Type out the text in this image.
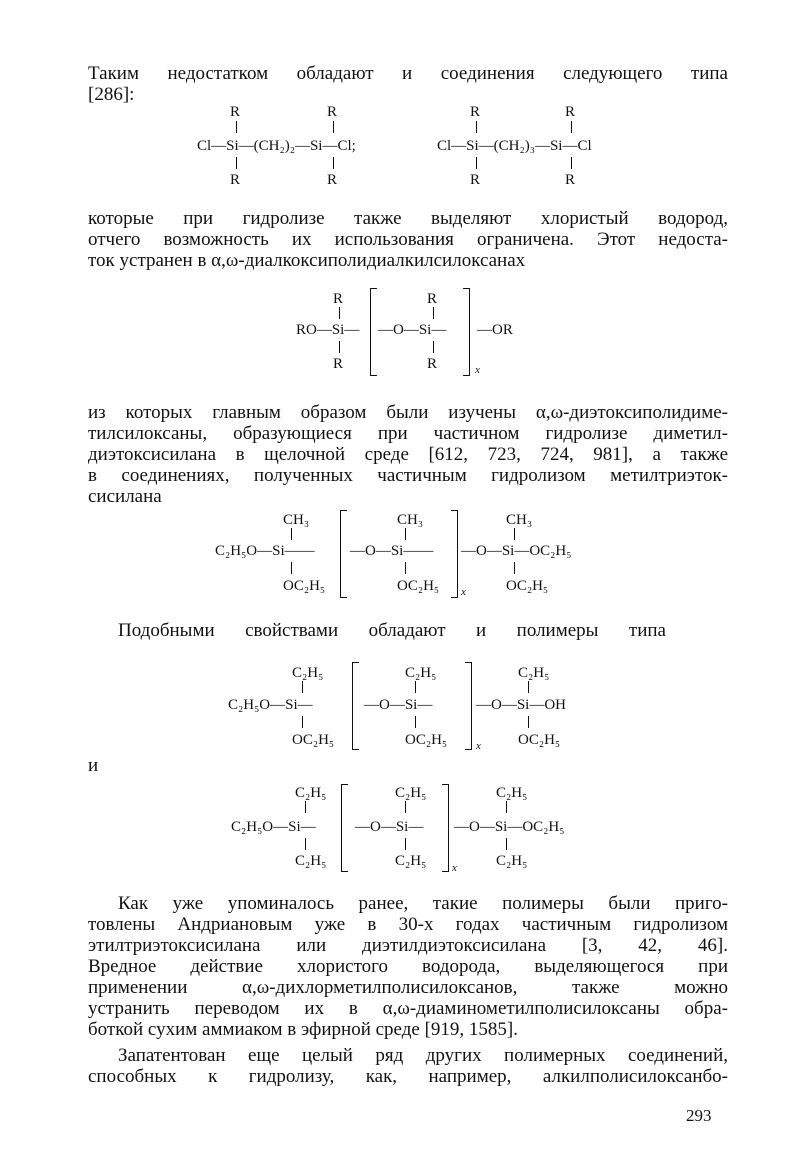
Таким недостатком обладают и соединения следующего типа

[286]:

R	R
Cl—Si—(CH₂)₂—Si—Cl;
R	R
R	R
Cl—Si—(CH₂)₃—Si—Cl
R	R

которые при гидролизе также выделяют хлористый водород,

отчего возможность их использования ограничена. Этот недоста-

ток устранен в α,ω-диалкоксиполидиалкилсилоксанах

R	R
RO—Si— —O—Si— —OR
R	R	x

из которых главным образом были изучены α,ω-диэтоксиполидиме-

тилсилоксаны, образующиеся при частичном гидролизе диметил-

диэтоксисилана в щелочной среде [612, 723, 724, 981], а также

в соединениях, полученных частичным гидролизом метилтриэток-

сисилана

CH₃	CH₃	CH₃
C₂H₅O—Si—— —O—Si—— —O—Si—OC₂H₅
OC₂H₅	OC₂H₅	OC₂H₅
x

Подобными свойствами обладают и полимеры типа

C₂H₅	C₂H₅	C₂H₅
C₂H₅O—Si—	—O—Si—	—O—Si—OH
OC₂H₅	OC₂H₅	OC₂H₅
x

и

C₂H₅	C₂H₅	C₂H₅
C₂H₅O—Si—	—O—Si— —O—Si—OC₂H₅
C₂H₅	C₂H₅	C₂H₅
x

Как уже упоминалось ранее, такие полимеры были приго-

товлены Андриановым уже в 30-х годах частичным гидролизом

этилтриэтоксисилана или диэтилдиэтоксисилана [3, 42, 46].

Вредное действие хлористого водорода, выделяющегося при

применении α,ω-дихлорметилполисилоксанов, также можно

устранить переводом их в α,ω-диаминометилполисилоксаны обра-

боткой сухим аммиаком в эфирной среде [919, 1585].

Запатентован еще целый ряд других полимерных соединений,

способных к гидролизу, как, например, алкилполисилоксанбо-

293
